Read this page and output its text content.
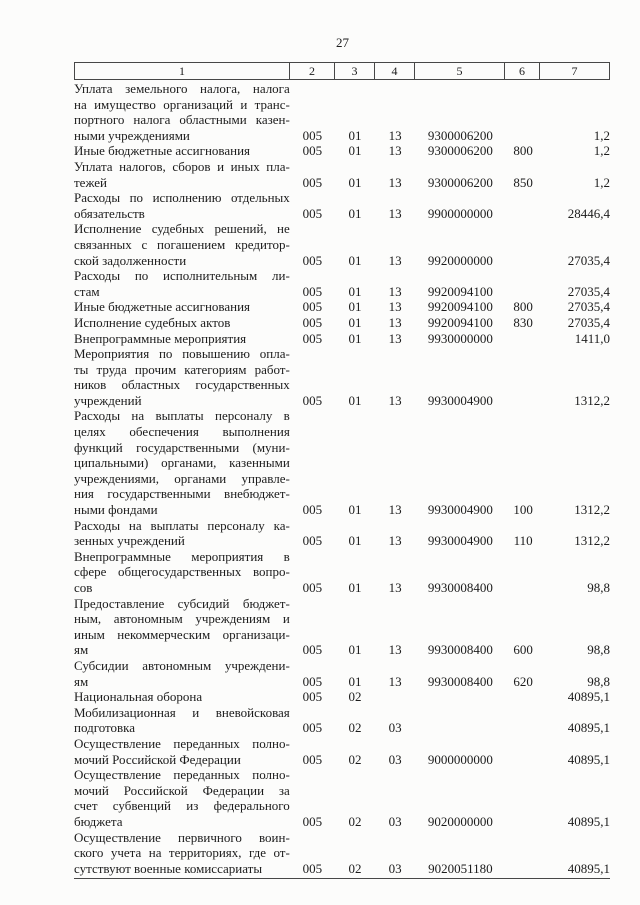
27
1	2	3	4	5	6	7
Уплата земельного налога, налога
на имущество организаций и транс-
портного налога областными казен-
ными учреждениями	005	01	13	9300006200		1,2

Иные бюджетные ассигнования	005	01	13	9300006200	800	1,2

Уплата налогов, сборов и иных пла-
тежей	005	01	13	9300006200	850	1,2

Расходы по исполнению отдельных
обязательств	005	01	13	9900000000		28446,4

Исполнение судебных решений, не
связанных с погашением кредитор-
ской задолженности	005	01	13	9920000000		27035,4

Расходы по исполнительным ли-
стам	005	01	13	9920094100		27035,4

Иные бюджетные ассигнования	005	01	13	9920094100	800	27035,4

Исполнение судебных актов	005	01	13	9920094100	830	27035,4

Внепрограммные мероприятия	005	01	13	9930000000		1411,0

Мероприятия по повышению опла-
ты труда прочим категориям работ-
ников областных государственных
учреждений	005	01	13	9930004900		1312,2

Расходы на выплаты персоналу в
целях обеспечения выполнения
функций государственными (муни-
ципальными) органами, казенными
учреждениями, органами управле-
ния государственными внебюджет-
ными фондами	005	01	13	9930004900	100	1312,2

Расходы на выплаты персоналу ка-
зенных учреждений	005	01	13	9930004900	110	1312,2

Внепрограммные мероприятия в
сфере общегосударственных вопро-
сов	005	01	13	9930008400		98,8

Предоставление субсидий бюджет-
ным, автономным учреждениям и
иным некоммерческим организаци-
ям	005	01	13	9930008400	600	98,8

Субсидии автономным учреждени-
ям	005	01	13	9930008400	620	98,8

Национальная оборона	005	02				40895,1

Мобилизационная и вневойсковая
подготовка	005	02	03			40895,1

Осуществление переданных полно-
мочий Российской Федерации	005	02	03	9000000000		40895,1

Осуществление переданных полно-
мочий Российской Федерации за
счет субвенций из федерального
бюджета	005	02	03	9020000000		40895,1

Осуществление первичного воин-
ского учета на территориях, где от-
сутствуют военные комиссариаты	005	02	03	9020051180		40895,1
